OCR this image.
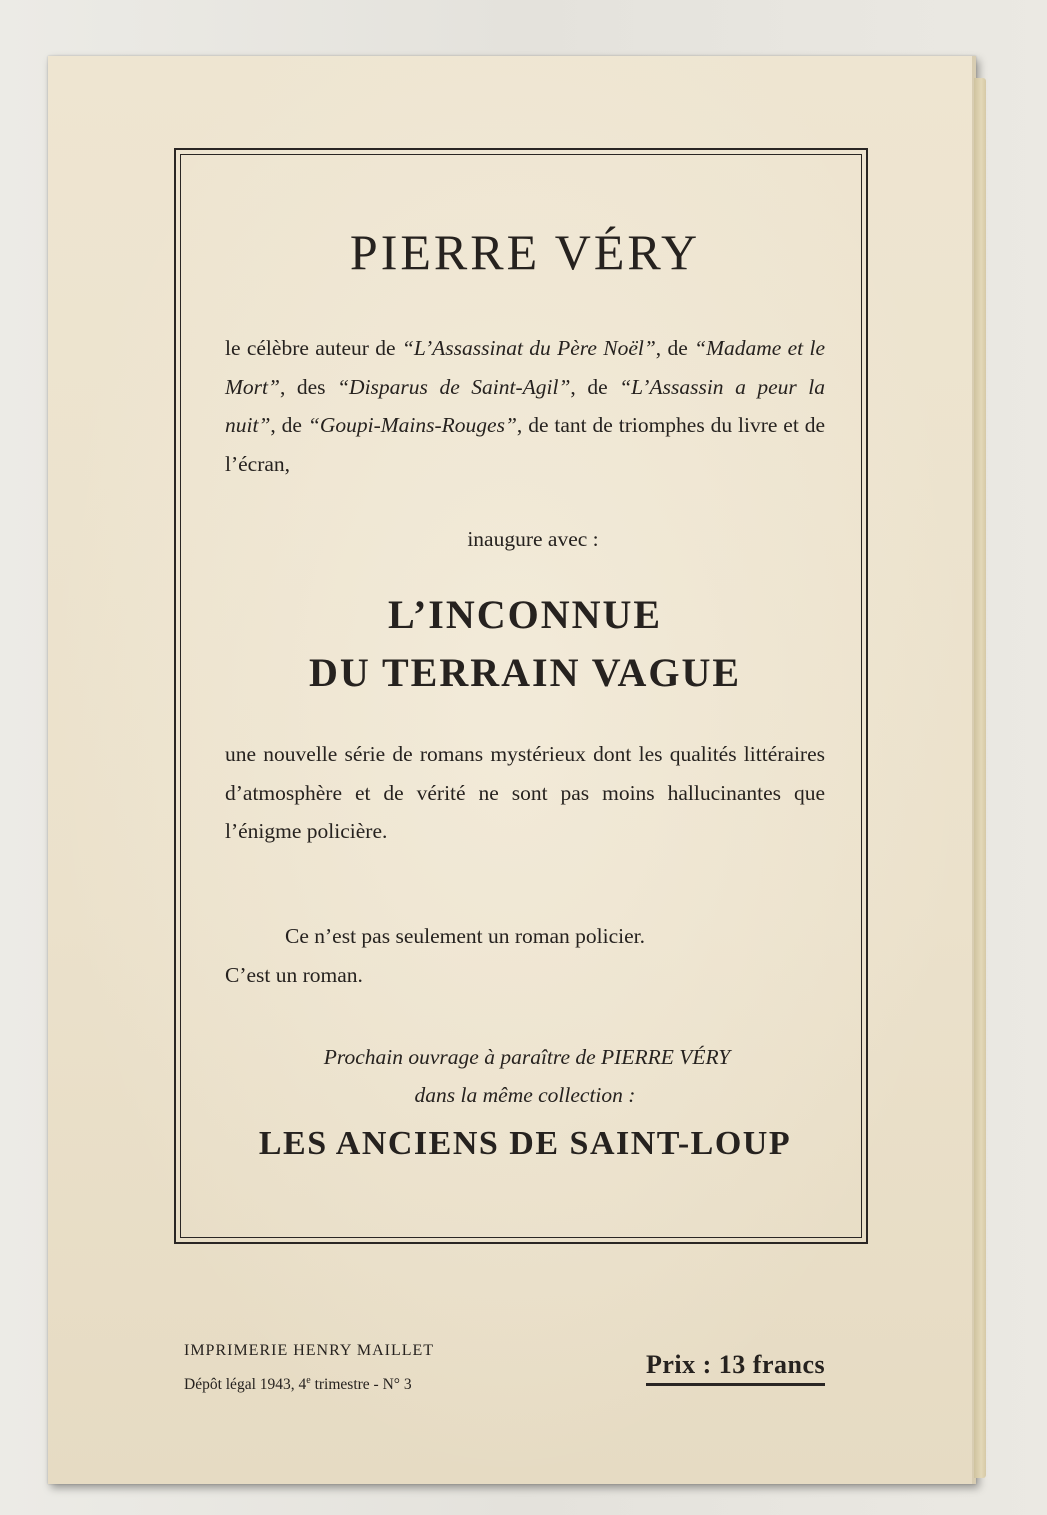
PIERRE VÉRY

le célèbre auteur de “L’Assassinat du Père Noël”, de “Madame et le Mort”, des “Disparus de Saint-Agil”, de “L’Assassin a peur la nuit”, de “Goupi-Mains-Rouges”, de tant de triomphes du livre et de l’écran,

inaugure avec :

L’INCONNUE
DU TERRAIN VAGUE

une nouvelle série de romans mystérieux dont les qualités littéraires d’atmosphère et de vérité ne sont pas moins hallucinantes que l’énigme policière.

Ce n’est pas seulement un roman policier.
C’est un roman.

Prochain ouvrage à paraître de PIERRE VÉRY

dans la même collection :

LES ANCIENS DE SAINT-LOUP

IMPRIMERIE HENRY MAILLET

Dépôt légal 1943, 4e trimestre - N° 3

Prix : 13 francs
